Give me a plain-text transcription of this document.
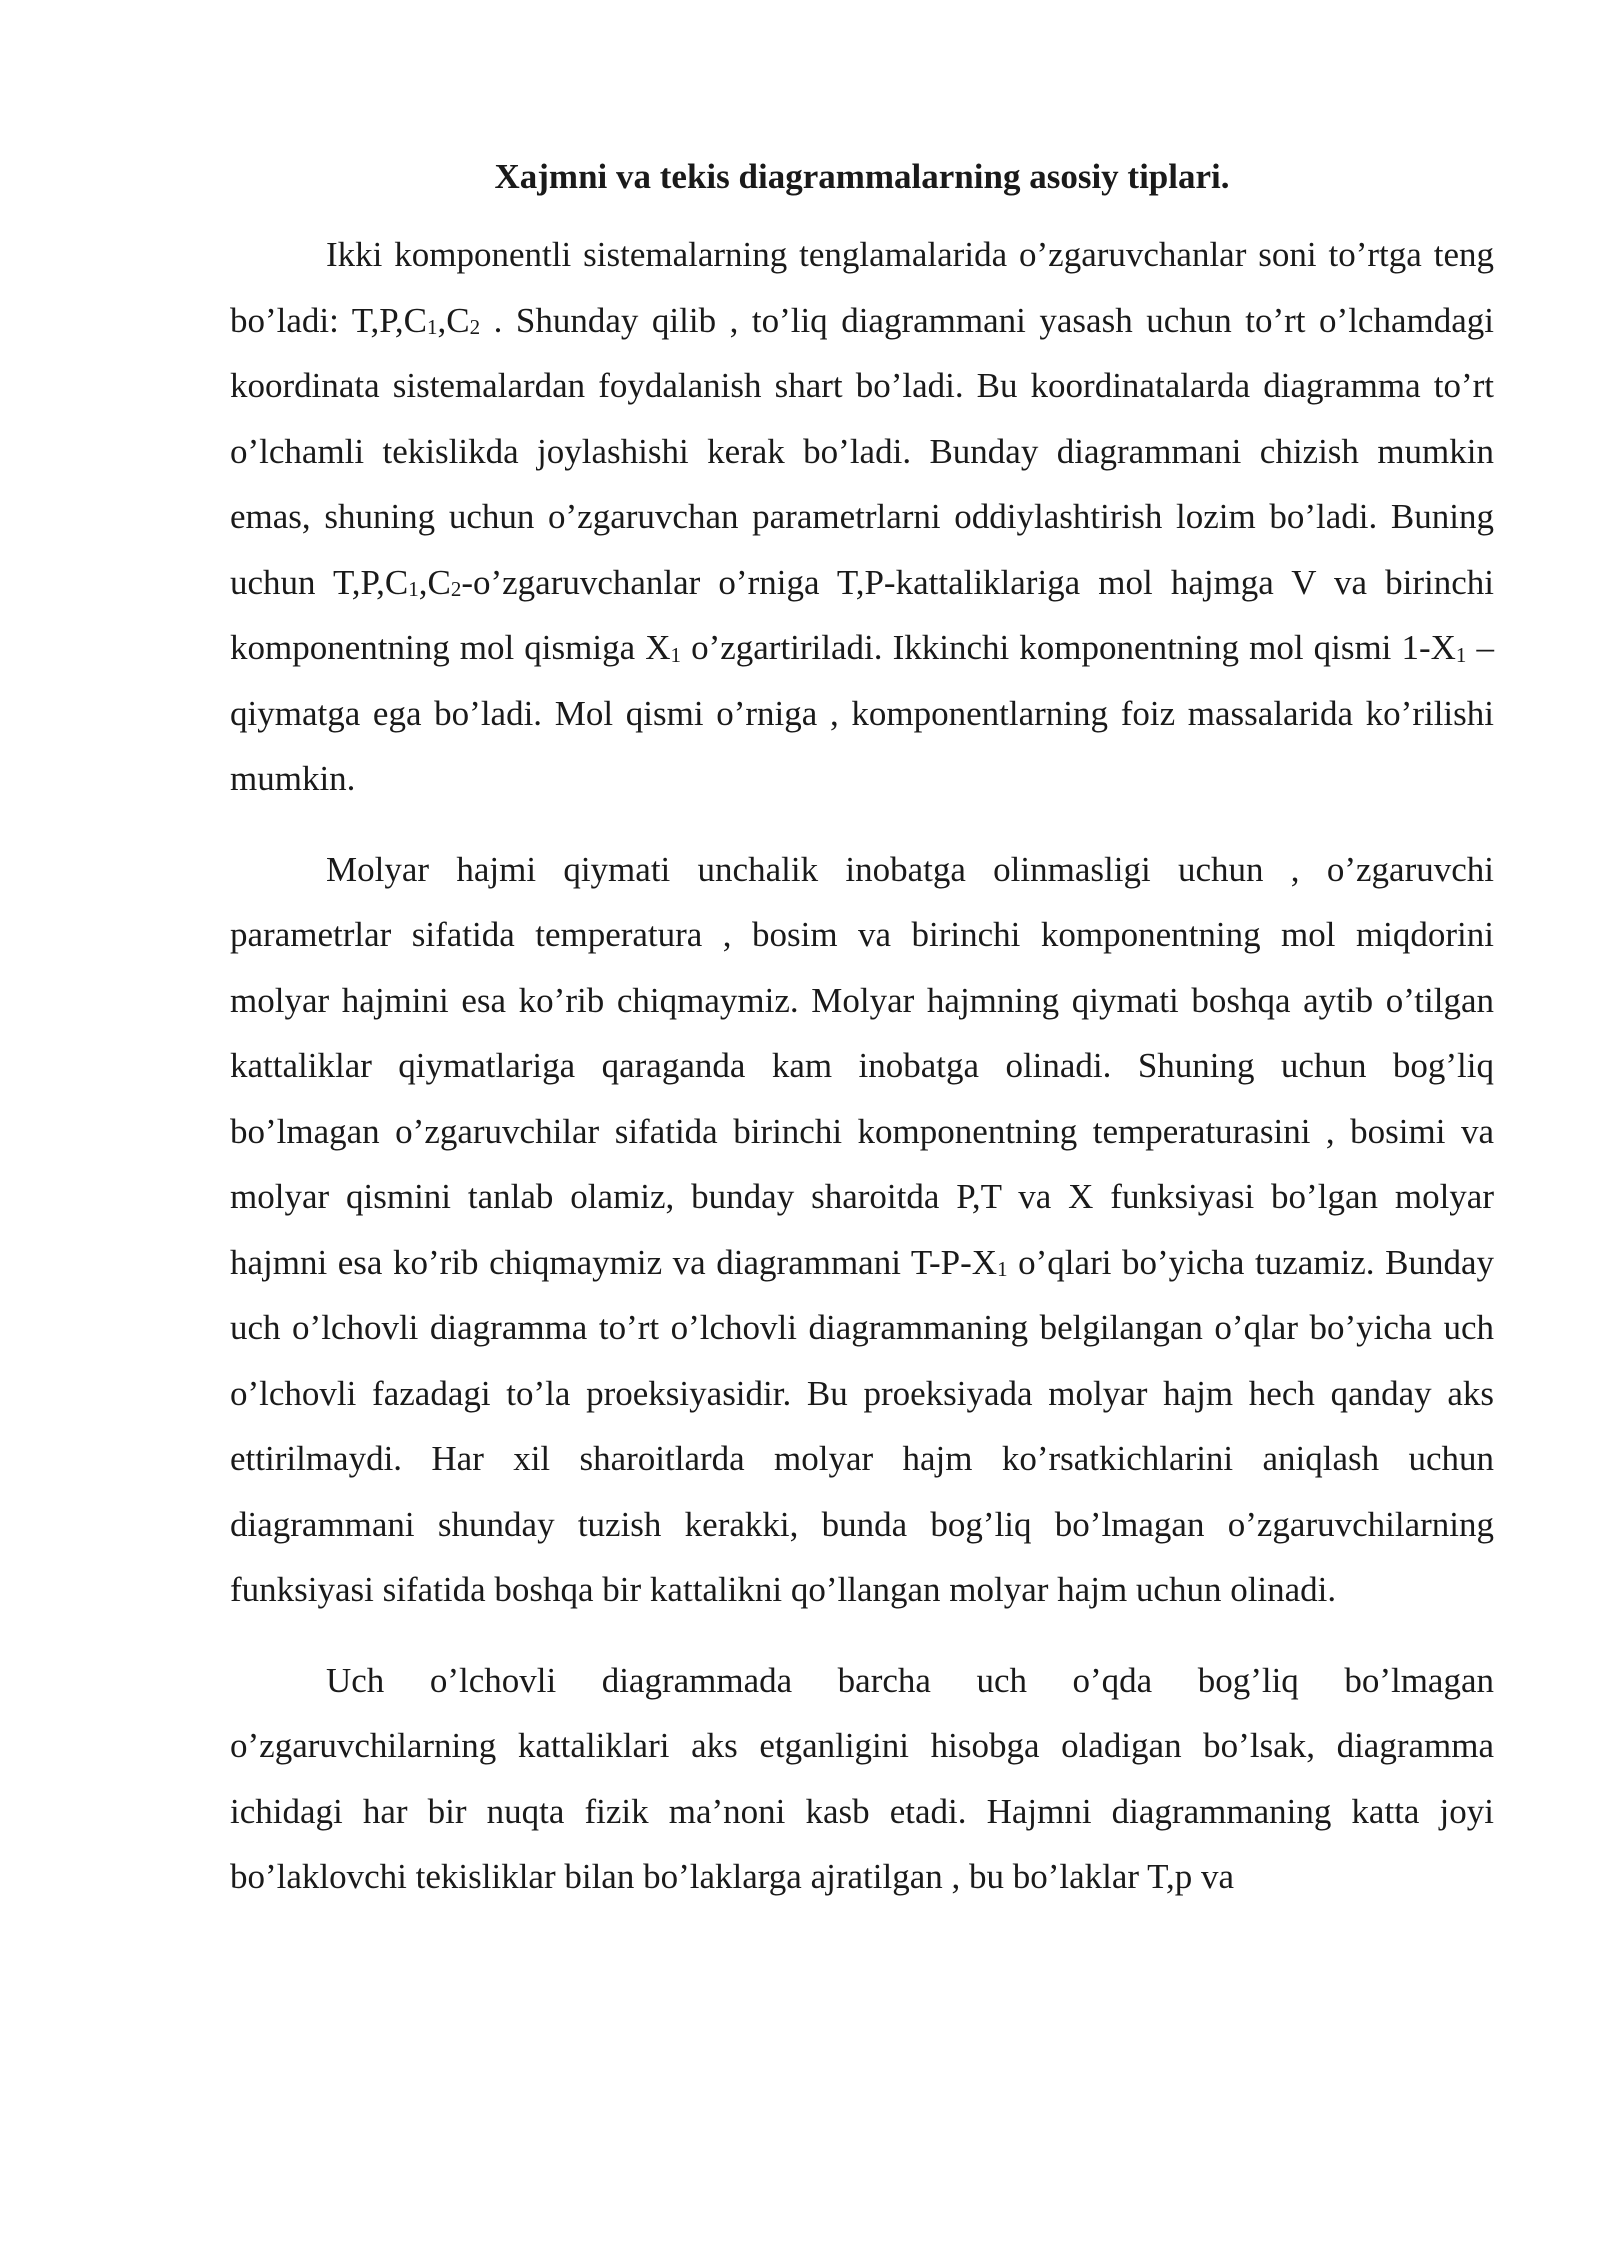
Xajmni va tekis diagrammalarning asosiy tiplari.

Ikki komponentli sistemalarning tenglamalarida o’zgaruvchanlar soni to’rtga teng bo’ladi: $T,P,C_1,C_2$ . Shunday qilib , to’liq diagrammani yasash uchun to’rt o’lchamdagi koordinata sistemalardan foydalanish shart bo’ladi. Bu koordinatalarda diagramma to’rt o’lchamli tekislikda joylashishi kerak bo’ladi. Bunday diagrammani chizish mumkin emas, shuning uchun o’zgaruvchan parametrlarni oddiylashtirish lozim bo’ladi. Buning uchun $T,P,C_1,C_2-o’zgaruvchanlar$ o’rniga T,P-kattaliklariga mol hajmga V va birinchi komponentning mol qismiga $X_1$ o’zgartiriladi. Ikkinchi komponentning mol qismi $1-X_1$ –qiymatga ega bo’ladi. Mol qismi o’rniga , komponentlarning foiz massalarida ko’rilishi mumkin.

Molyar hajmi qiymati unchalik inobatga olinmasligi uchun , o’zgaruvchi parametrlar sifatida temperatura , bosim va birinchi komponentning mol miqdorini molyar hajmini esa ko’rib chiqmaymiz. Molyar hajmning qiymati boshqa aytib o’tilgan kattaliklar qiymatlariga qaraganda kam inobatga olinadi. Shuning uchun bog’liq bo’lmagan o’zgaruvchilar sifatida birinchi komponentning temperaturasini , bosimi va molyar qismini tanlab olamiz, bunday sharoitda P,T va X funksiyasi bo’lgan molyar hajmni esa ko’rib chiqmaymiz va diagrammani $T-P-X_1$ o’qlari bo’yicha tuzamiz. Bunday uch o’lchovli diagramma to’rt o’lchovli diagrammaning belgilangan o’qlar bo’yicha uch o’lchovli fazadagi to’la proeksiyasidir. Bu proeksiyada molyar hajm hech qanday aks ettirilmaydi. Har xil sharoitlarda molyar hajm ko’rsatkichlarini aniqlash uchun diagrammani shunday tuzish kerakki, bunda bog’liq bo’lmagan o’zgaruvchilarning funksiyasi sifatida boshqa bir kattalikni qo’llangan molyar hajm uchun olinadi.

Uch o’lchovli diagrammada barcha uch o’qda bog’liq bo’lmagan o’zgaruvchilarning kattaliklari aks etganligini hisobga oladigan bo’lsak, diagramma ichidagi har bir nuqta fizik ma’noni kasb etadi. Hajmni diagrammaning katta joyi bo’laklovchi tekisliklar bilan bo’laklarga ajratilgan , bu bo’laklar T,p va
